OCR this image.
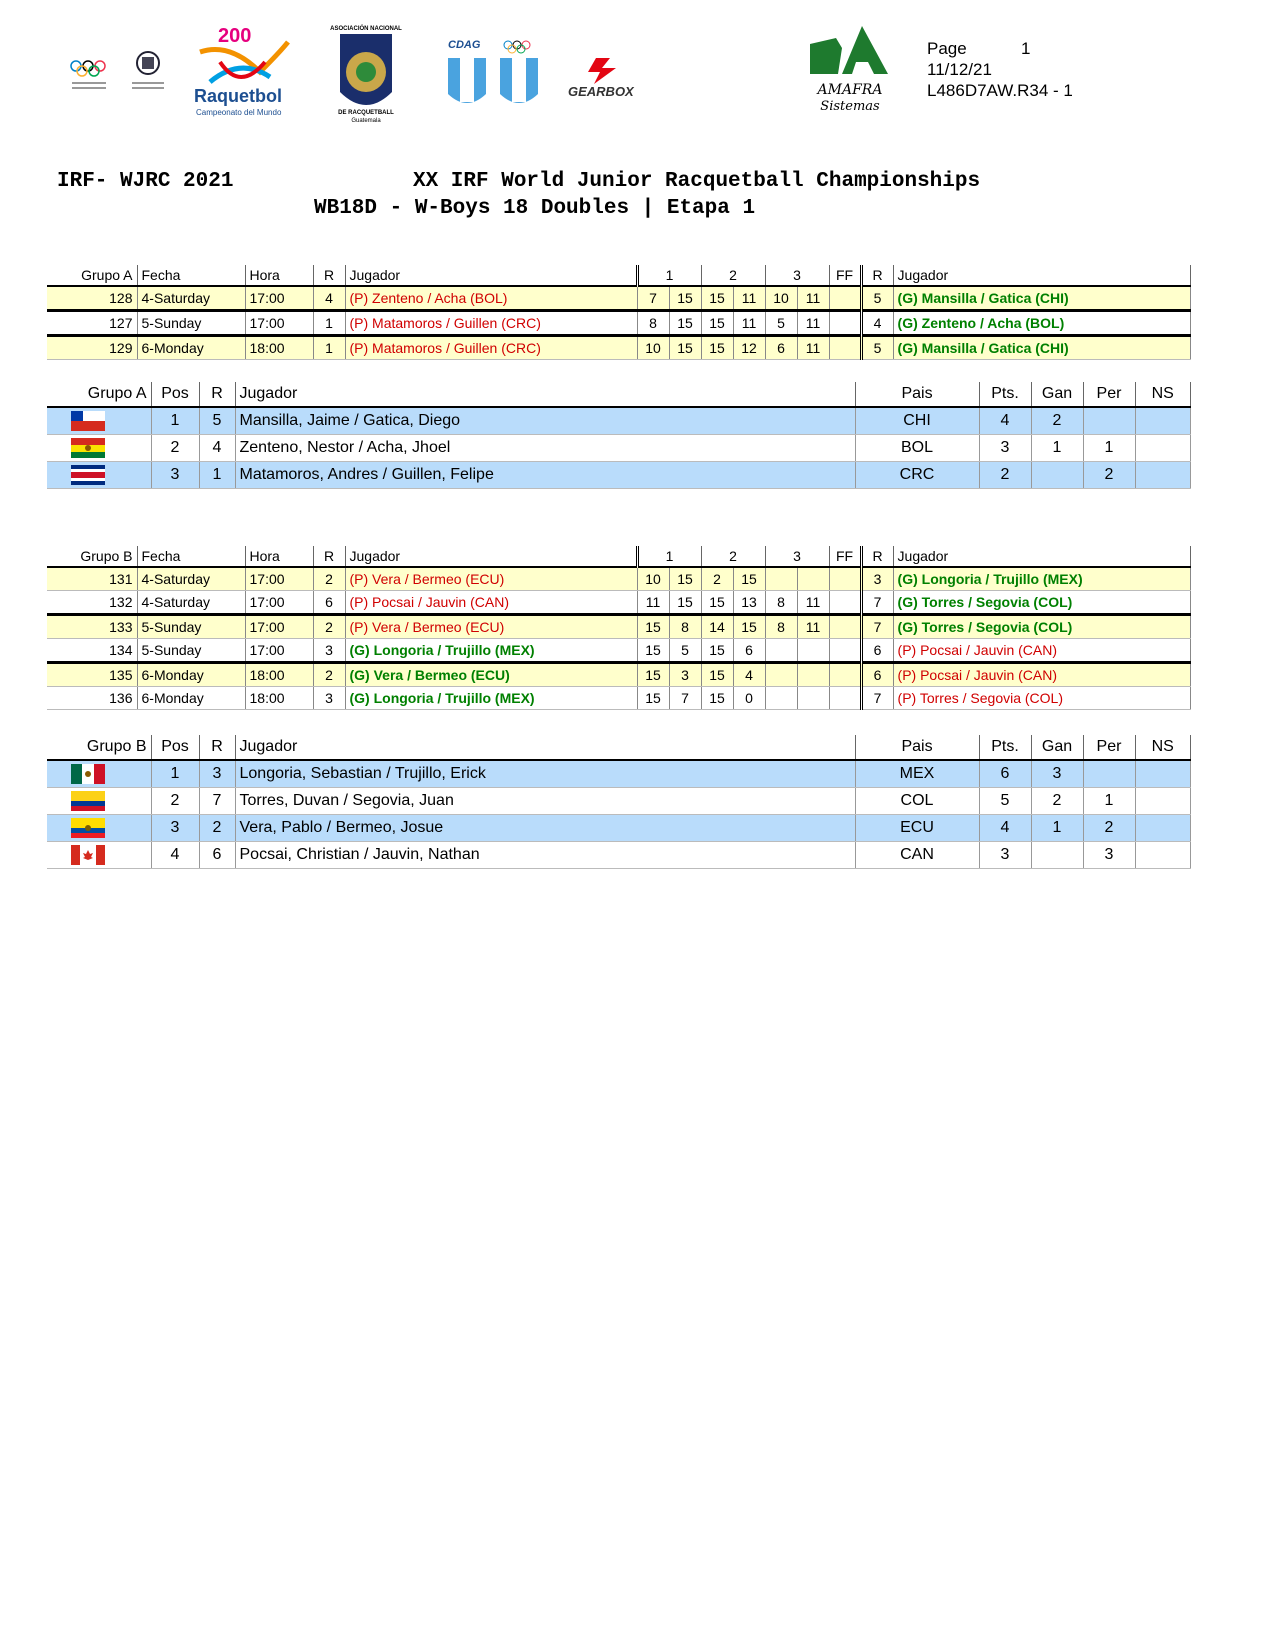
200
Raquetbol
Campeonato del Mundo
ASOCIACIÓN NACIONAL
DE RACQUETBALL
Guatemala
CDAG
GEARBOX	AMAFRA
Sistemas
Page	1
11/12/21
L486D7AW.R34 - 1
IRF- WJRC 2021	XX IRF World Junior Racquetball Championships
WB18D - W-Boys 18 Doubles | Etapa 1
Grupo A	Fecha	Hora	R	Jugador	1		2		3		FF	R	Jugador
128	4-Saturday	17:00	4	(P) Zenteno / Acha (BOL)	7	15	15	11	10	11		5	(G) Mansilla / Gatica (CHI)
127	5-Sunday	17:00	1	(P) Matamoros / Guillen (CRC)	8	15	15	11	5	11		4	(G) Zenteno / Acha (BOL)
129	6-Monday	18:00	1	(P) Matamoros / Guillen (CRC)	10	15	15	12	6	11		5	(G) Mansilla / Gatica (CHI)
Grupo A	Pos	R	Jugador	Pais	Pts.	Gan	Per	NS
	1	5	Mansilla, Jaime / Gatica, Diego	CHI	4	2		
	2	4	Zenteno, Nestor / Acha, Jhoel	BOL	3	1	1	
	3	1	Matamoros, Andres / Guillen, Felipe	CRC	2		2	
Grupo B	Fecha	Hora	R	Jugador	1		2		3		FF	R	Jugador
131	4-Saturday	17:00	2	(P) Vera / Bermeo (ECU)	10	15	2	15				3	(G) Longoria / Trujillo (MEX)
132	4-Saturday	17:00	6	(P) Pocsai / Jauvin (CAN)	11	15	15	13	8	11		7	(G) Torres / Segovia (COL)
133	5-Sunday	17:00	2	(P) Vera / Bermeo (ECU)	15	8	14	15	8	11		7	(G) Torres / Segovia (COL)
134	5-Sunday	17:00	3	(G) Longoria / Trujillo (MEX)	15	5	15	6				6	(P) Pocsai / Jauvin (CAN)
135	6-Monday	18:00	2	(G) Vera / Bermeo (ECU)	15	3	15	4				6	(P) Pocsai / Jauvin (CAN)
136	6-Monday	18:00	3	(G) Longoria / Trujillo (MEX)	15	7	15	0				7	(P) Torres / Segovia (COL)
Grupo B	Pos	R	Jugador	Pais	Pts.	Gan	Per	NS
	1	3	Longoria, Sebastian / Trujillo, Erick	MEX	6	3		
	2	7	Torres, Duvan / Segovia, Juan	COL	5	2	1	
	3	2	Vera, Pablo / Bermeo, Josue	ECU	4	1	2	
	4	6	Pocsai, Christian / Jauvin, Nathan	CAN	3		3	
